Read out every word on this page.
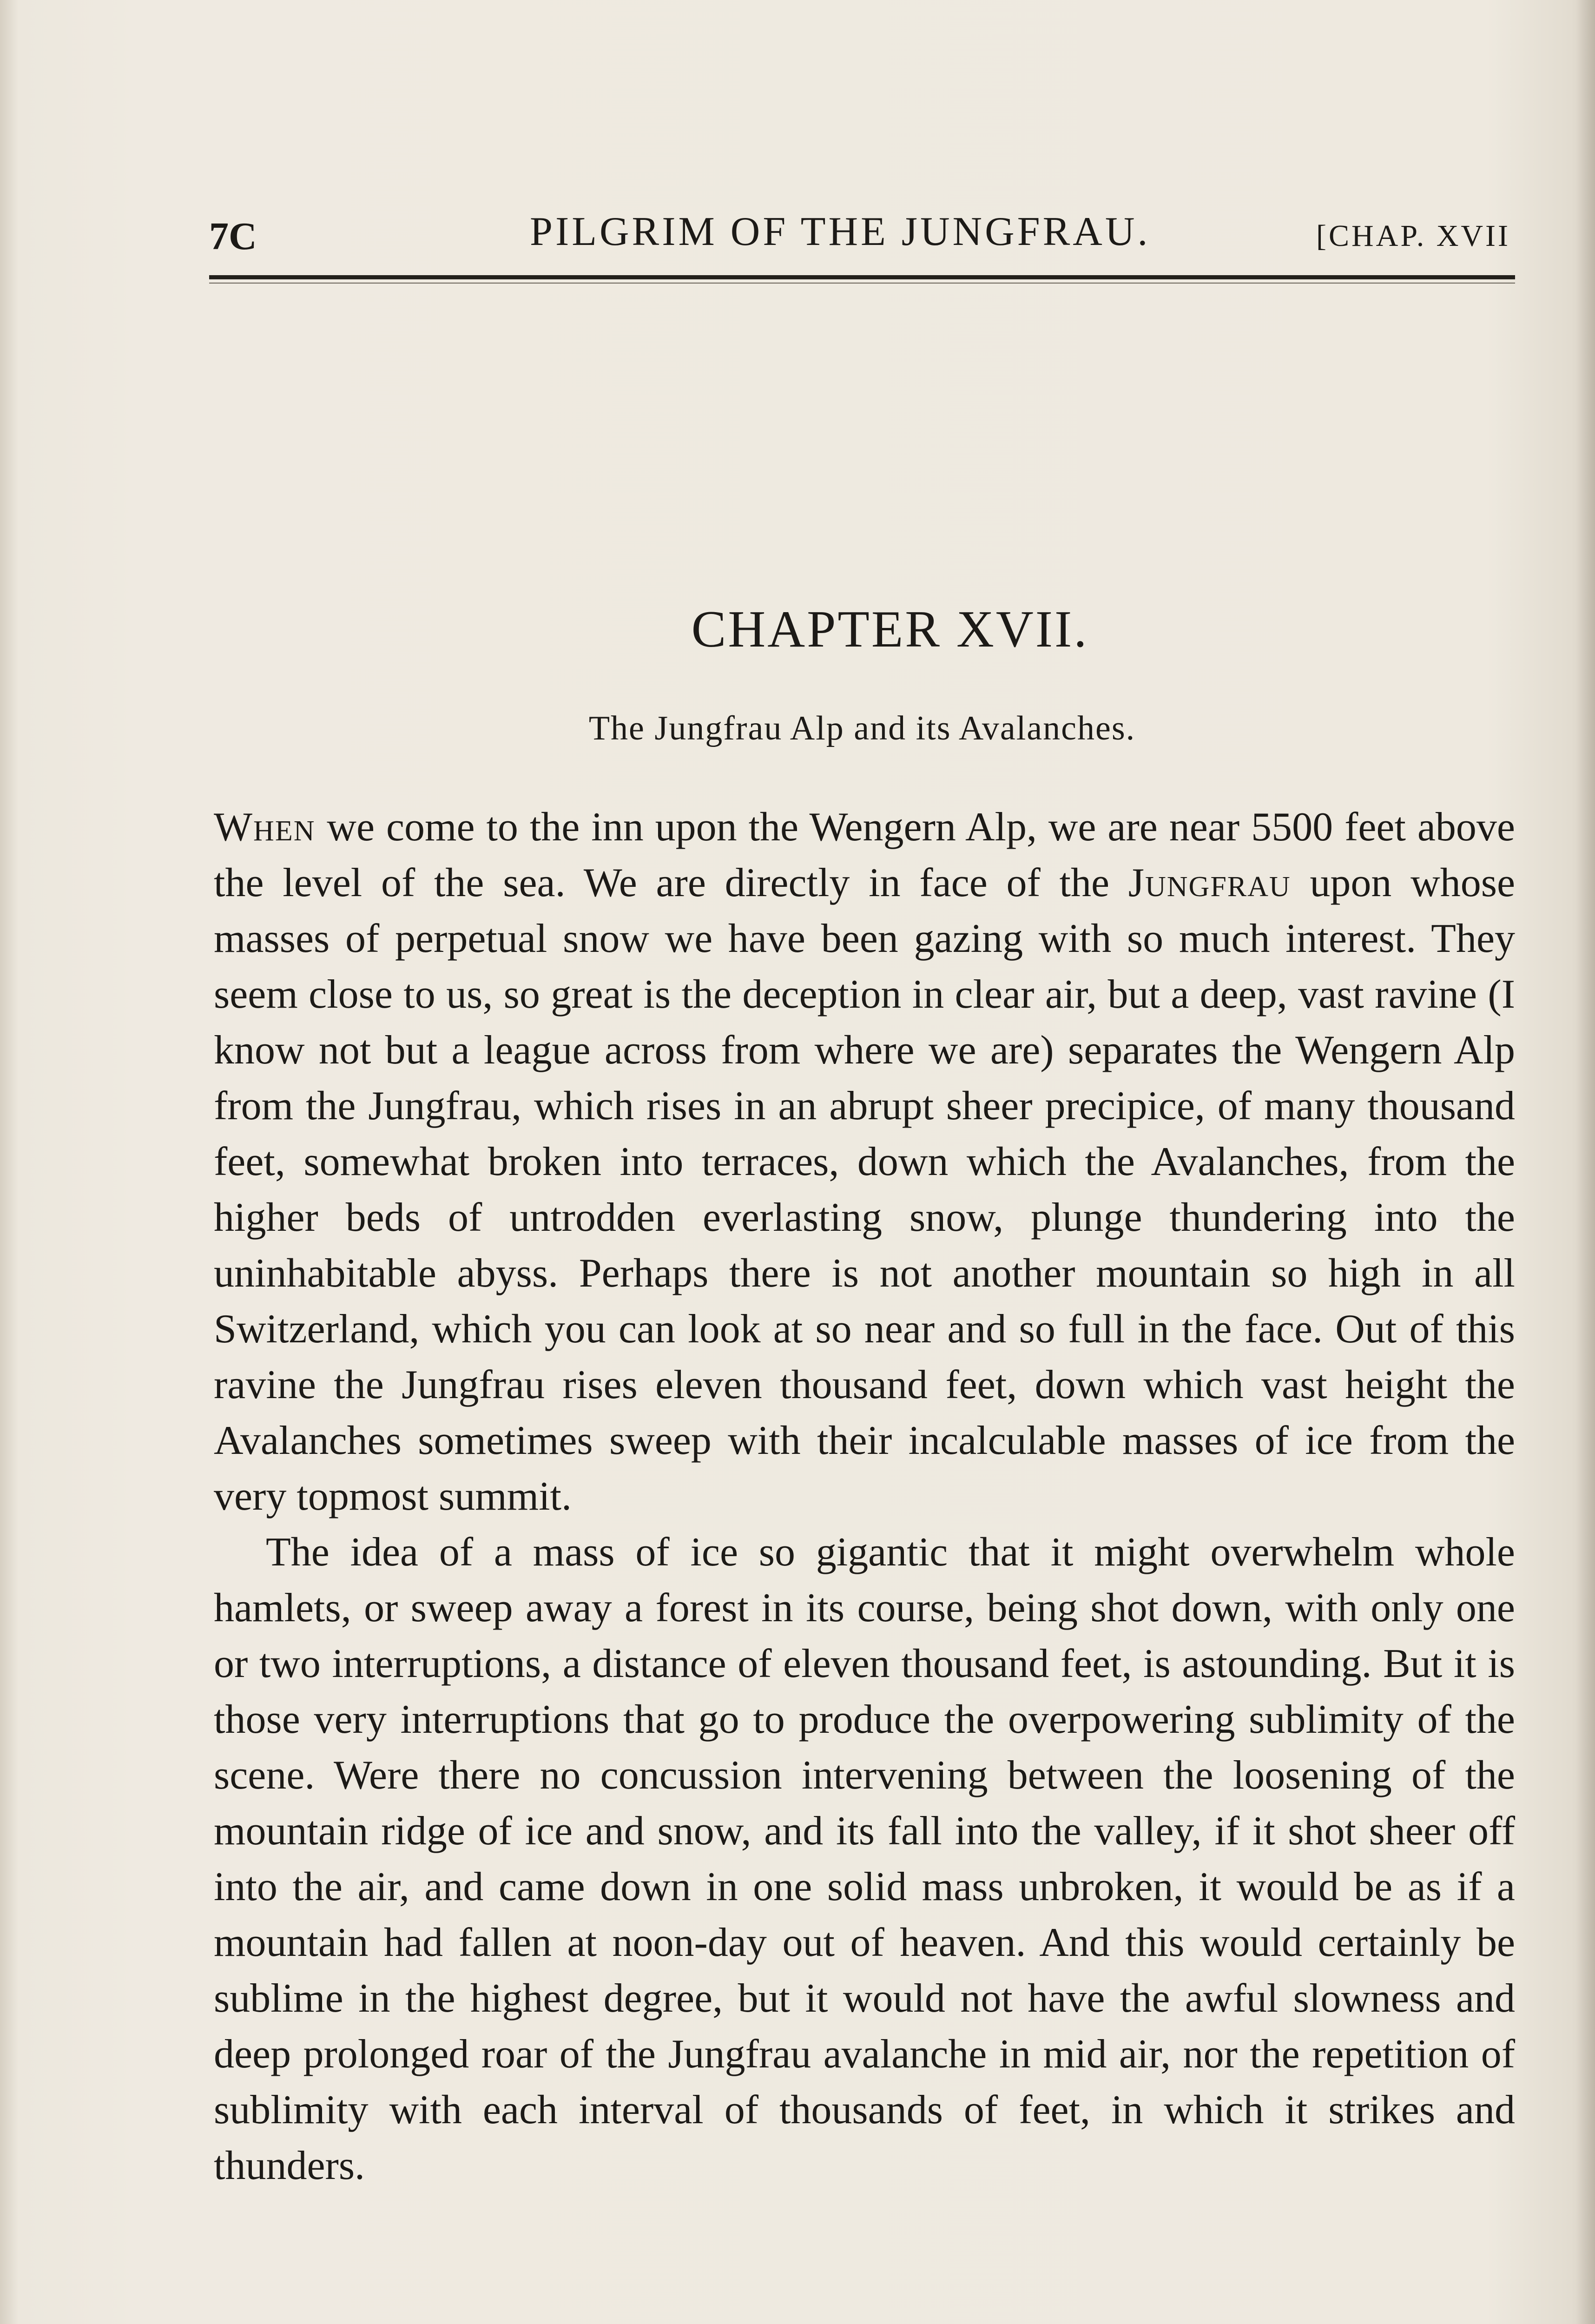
7C	PILGRIM OF THE JUNGFRAU.	[CHAP. XVII
CHAPTER XVII.
The Jungfrau Alp and its Avalanches.

When we come to the inn upon the Wengern Alp, we are near 5500 feet above the level of the sea. We are directly in face of the Jungfrau upon whose masses of perpetual snow we have been gazing with so much interest. They seem close to us, so great is the deception in clear air, but a deep, vast ravine (I know not but a league across from where we are) separates the Wengern Alp from the Jungfrau, which rises in an abrupt sheer precipice, of many thousand feet, somewhat broken into terraces, down which the Avalanches, from the higher beds of untrodden everlasting snow, plunge thundering into the uninhabitable abyss. Perhaps there is not another mountain so high in all Switzerland, which you can look at so near and so full in the face. Out of this ravine the Jungfrau rises eleven thousand feet, down which vast height the Avalanches sometimes sweep with their incalculable masses of ice from the very topmost summit.

The idea of a mass of ice so gigantic that it might overwhelm whole hamlets, or sweep away a forest in its course, being shot down, with only one or two interruptions, a distance of eleven thousand feet, is astounding. But it is those very interruptions that go to produce the overpowering sublimity of the scene. Were there no concussion intervening between the loosening of the mountain ridge of ice and snow, and its fall into the valley, if it shot sheer off into the air, and came down in one solid mass unbroken, it would be as if a mountain had fallen at noon-day out of heaven. And this would certainly be sublime in the highest degree, but it would not have the awful slowness and deep prolonged roar of the Jungfrau avalanche in mid air, nor the repetition of sublimity with each interval of thousands of feet, in which it strikes and thunders.
